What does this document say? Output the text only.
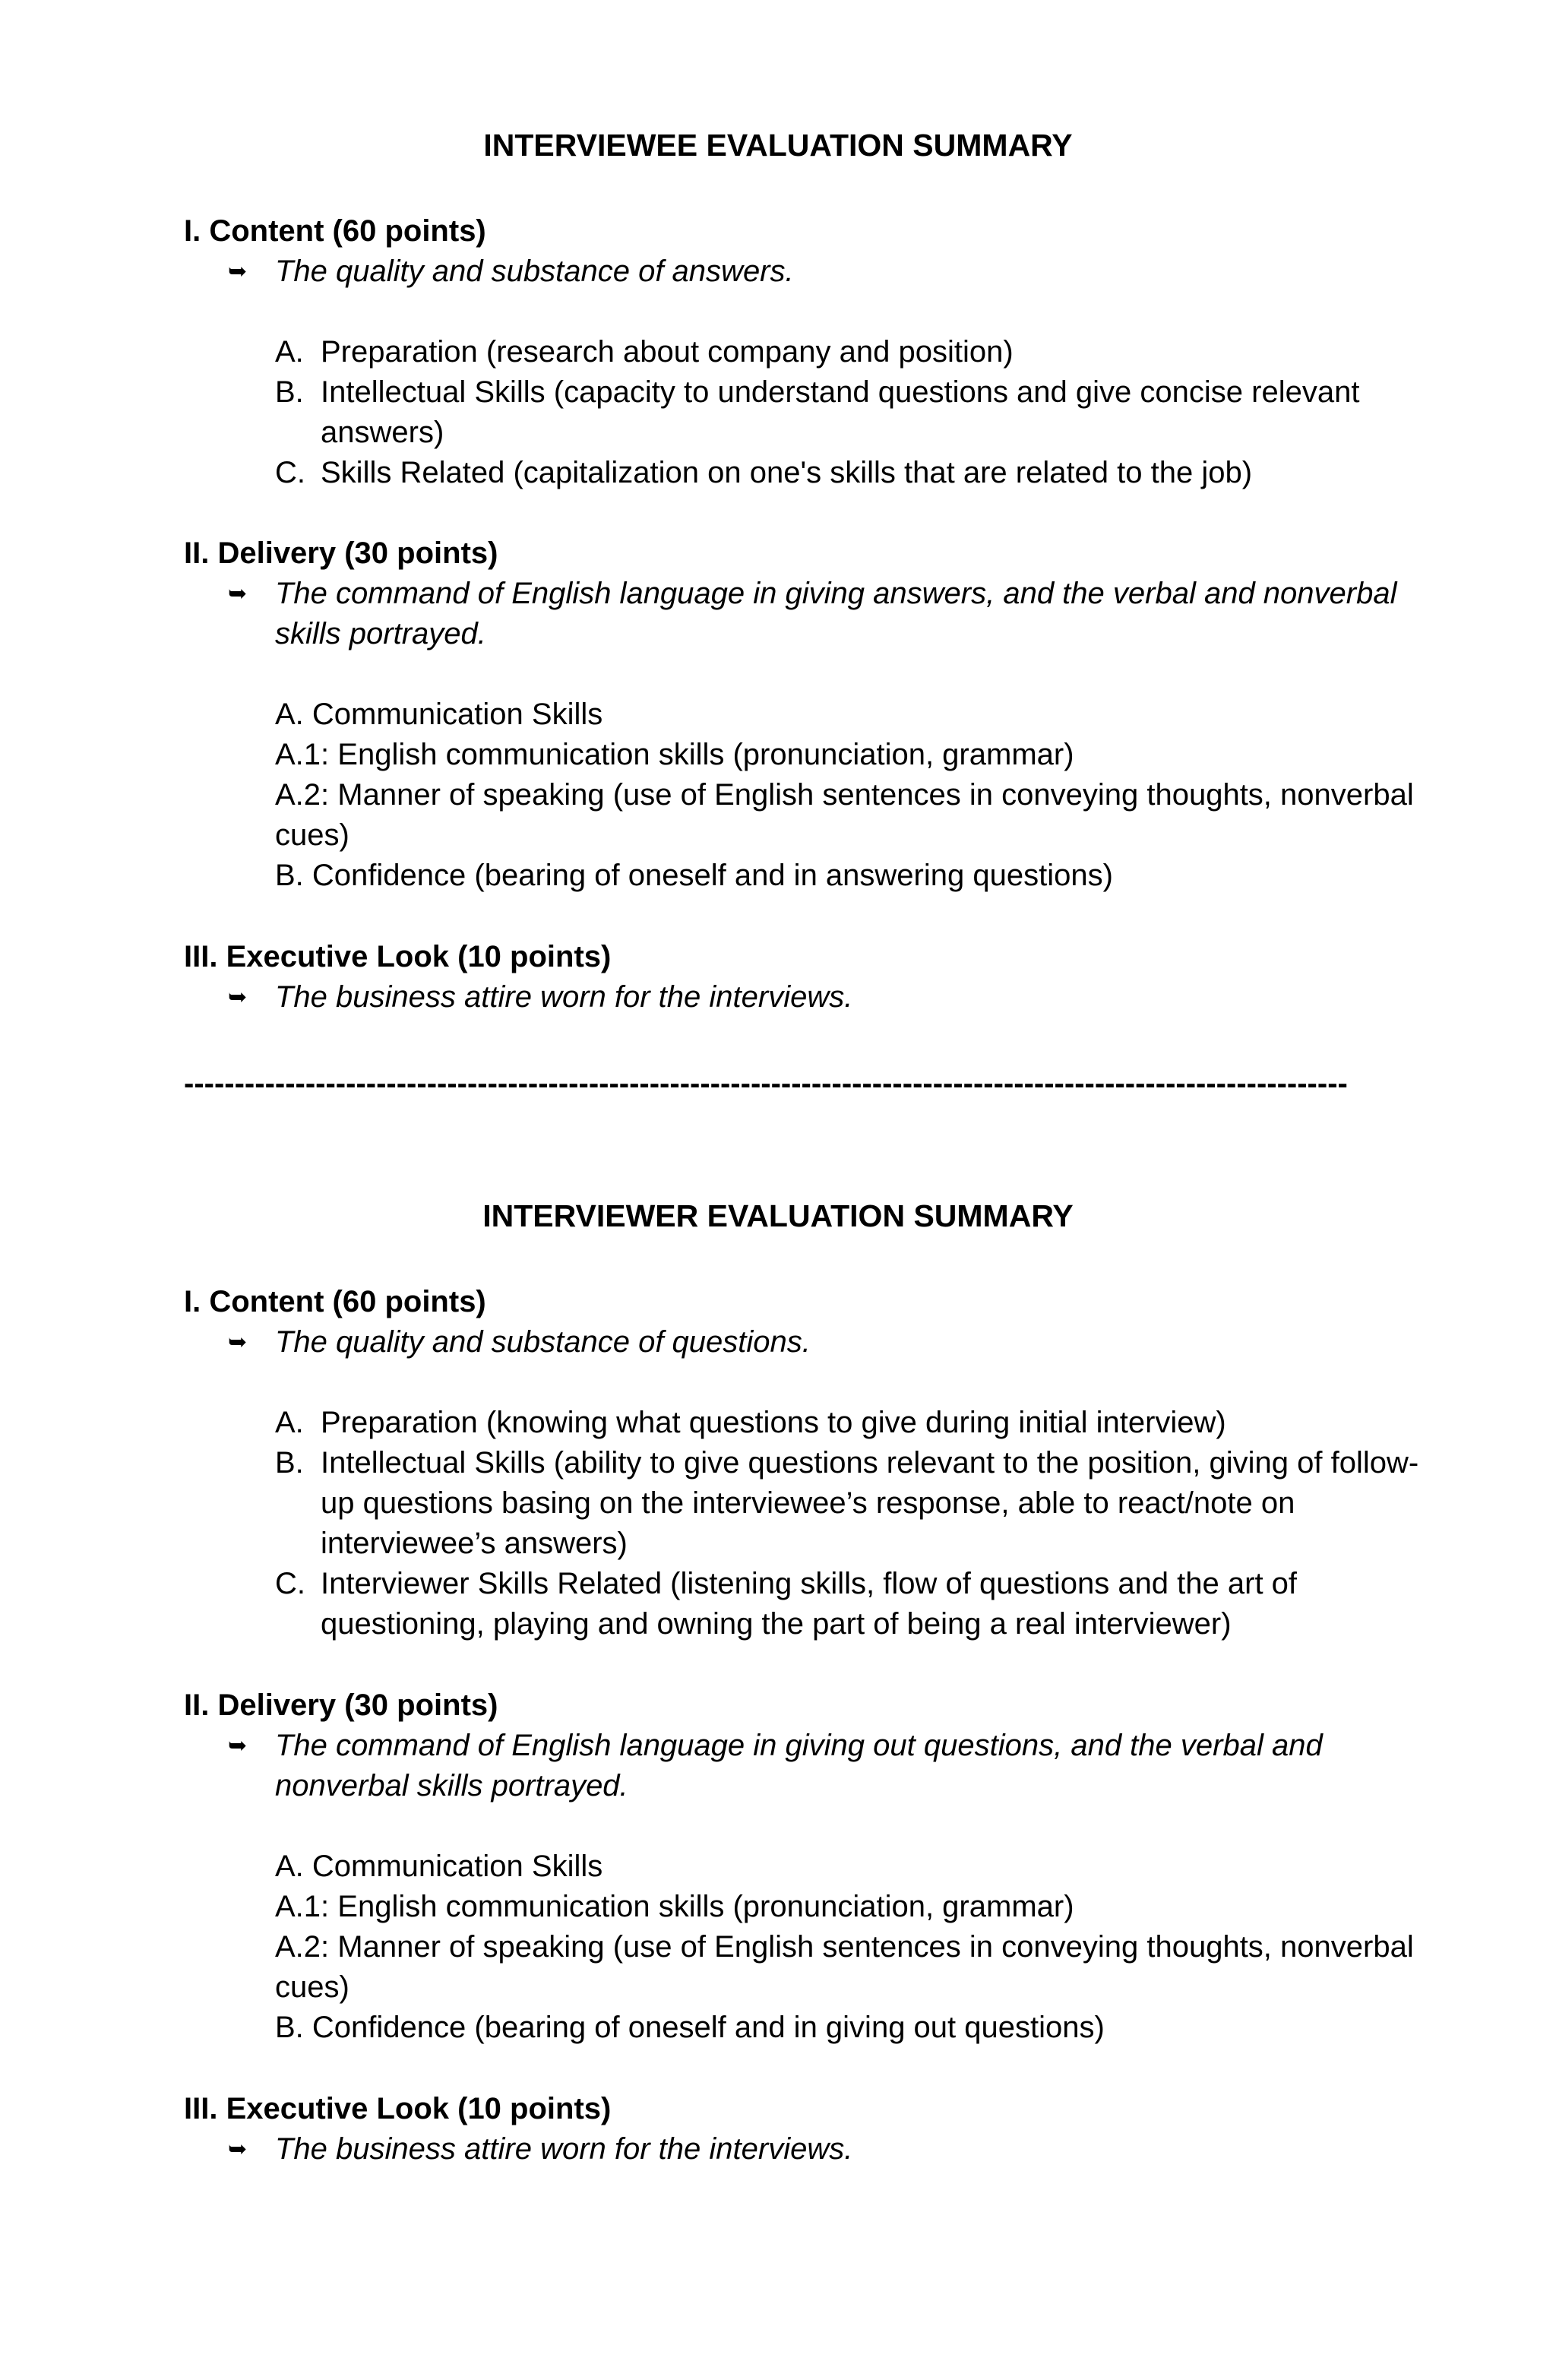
INTERVIEWEE EVALUATION SUMMARY
I. Content (60 points)
➥ The quality and substance of answers.
A. Preparation (research about company and position)
B. Intellectual Skills (capacity to understand questions and give concise relevant answers)
C. Skills Related (capitalization on one's skills that are related to the job)
II. Delivery (30 points)
➥ The command of English language in giving answers, and the verbal and nonverbal skills portrayed.
A. Communication Skills
A.1: English communication skills (pronunciation, grammar)
A.2: Manner of speaking (use of English sentences in conveying thoughts, nonverbal cues)
B. Confidence (bearing of oneself and in answering questions)
III. Executive Look (10 points)
➥ The business attire worn for the interviews.
-------------------------------------------------------------------------------------------------------------------
INTERVIEWER EVALUATION SUMMARY
I. Content (60 points)
➥ The quality and substance of questions.
A. Preparation (knowing what questions to give during initial interview)
B. Intellectual Skills (ability to give questions relevant to the position, giving of follow-up questions basing on the interviewee’s response, able to react/note on interviewee’s answers)
C. Interviewer Skills Related (listening skills, flow of questions and the art of questioning, playing and owning the part of being a real interviewer)
II. Delivery (30 points)
➥ The command of English language in giving out questions, and the verbal and nonverbal skills portrayed.
A. Communication Skills
A.1: English communication skills (pronunciation, grammar)
A.2: Manner of speaking (use of English sentences in conveying thoughts, nonverbal cues)
B. Confidence (bearing of oneself and in giving out questions)
III. Executive Look (10 points)
➥ The business attire worn for the interviews.
